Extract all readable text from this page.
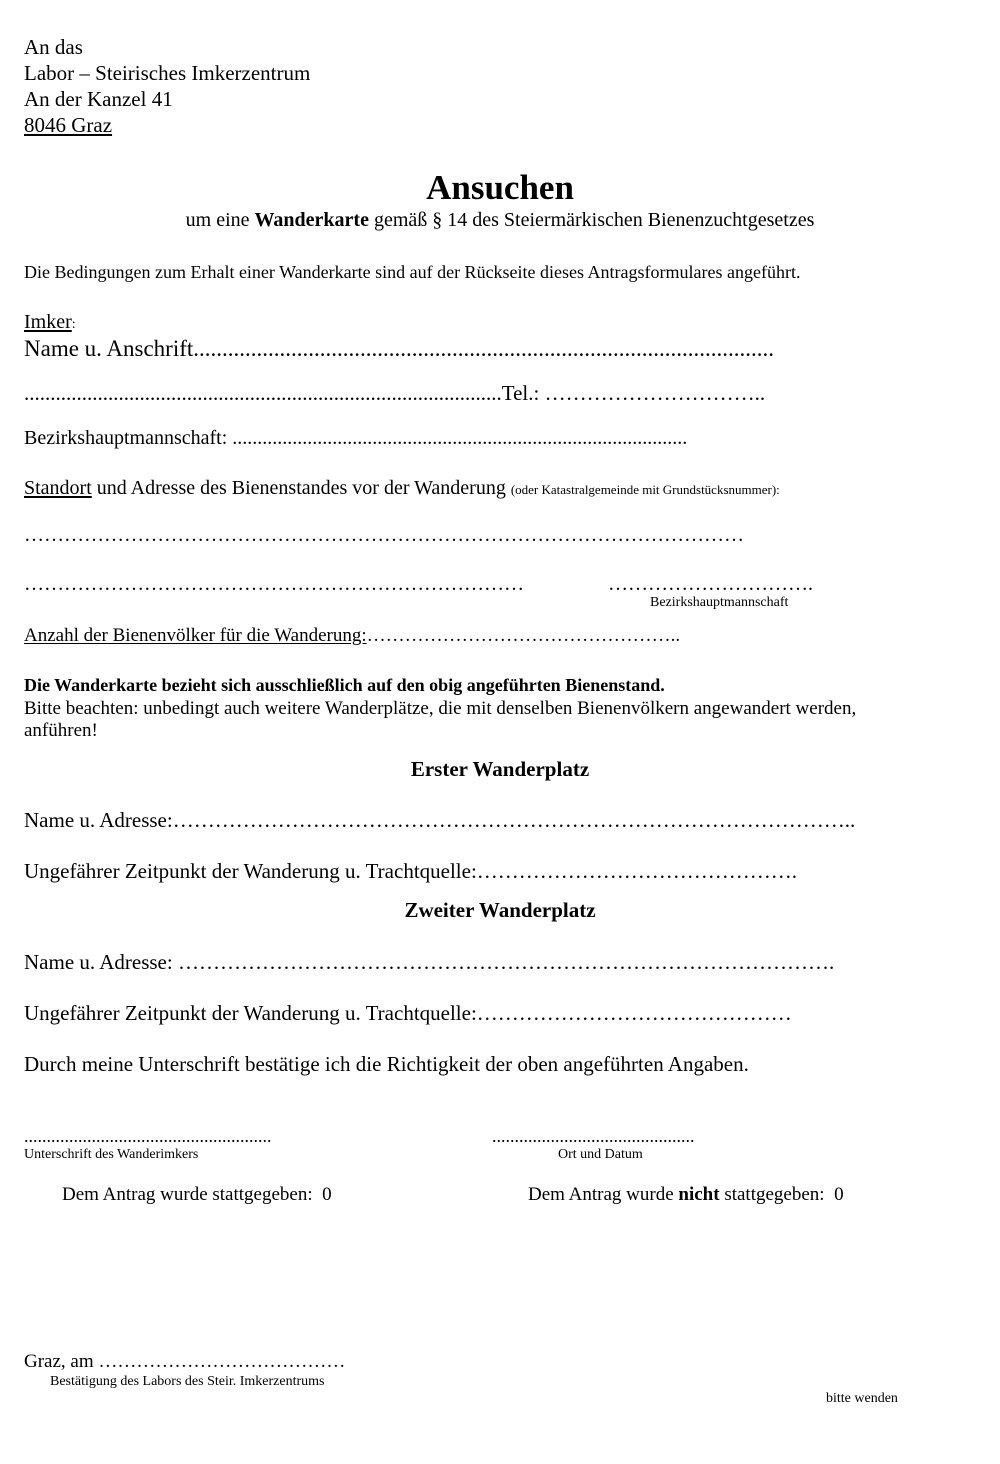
An das
Labor – Steirisches Imkerzentrum
An der Kanzel 41
8046 Graz
Ansuchen
um eine Wanderkarte gemäß § 14 des Steiermärkischen Bienenzuchtgesetzes
Die Bedingungen zum Erhalt einer Wanderkarte sind auf der Rückseite dieses Antragsformulares angeführt.
Imker:
Name u. Anschrift.....................................................................................................
...........................................................................................Tel.: …………………………..
Bezirkshauptmannschaft: ...........................................................................................
Standort und Adresse des Bienenstandes vor der Wanderung (oder Katastralgemeinde mit Grundstücksnummer):
………………………………………………………………………………………………
…………………………………………………………………	………………………….
Bezirkshauptmannschaft
Anzahl der Bienenvölker für die Wanderung:…………………………………………..
Die Wanderkarte bezieht sich ausschließlich auf den obig angeführten Bienenstand.
Bitte beachten: unbedingt auch weitere Wanderplätze, die mit denselben Bienenvölkern angewandert werden,
anführen!
Erster Wanderplatz
Name u. Adresse:……………………………………………………………………………………..
Ungefährer Zeitpunkt der Wanderung u. Trachtquelle:……………………………………….
Zweiter Wanderplatz
Name u. Adresse: ………………………………………………………………………………….
Ungefährer Zeitpunkt der Wanderung u. Trachtquelle:………………………………………
Durch meine Unterschrift bestätige ich die Richtigkeit der oben angeführten Angaben.
.......................................................
Unterschrift des Wanderimkers
.............................................
Ort und Datum
Dem Antrag wurde stattgegeben:  0	Dem Antrag wurde nicht stattgegeben:  0
Graz, am …………………………………
Bestätigung des Labors des Steir. Imkerzentrums
bitte wenden
